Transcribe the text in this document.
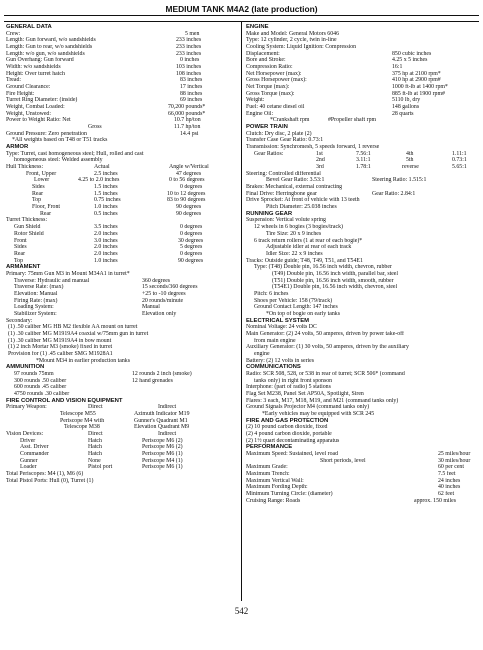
MEDIUM TANK M4A2 (late production)
GENERAL DATA
Crew:	5 men
Length: Gun forward, w/o sandshields	233 inches
Length: Gun to rear, w/o sandshields	233 inches
Length: w/o gun, w/o sandshields	233 inches
Gun Overhang: Gun forward	0 inches
Width: w/o sandshields	103 inches
Height: Over turret hatch	108 inches
Tread:	83 inches
Ground Clearance:	17 inches
Fire Height:	88 inches
Turret Ring Diameter: (inside)	69 inches
Weight, Combat Loaded:	70,200 pounds*
Weight, Unstowed:	66,000 pounds*
Power to Weight Ratio: Net	10.7 hp/ton
Gross	11.7 hp/ton
Ground Pressure: Zero penetration	14.4 psi
*All weights based on T48 or T51 tracks
ARMOR
Type: Turret, cast homogeneous steel; Hull, rolled and cast
homogeneous steel: Welded assembly
Hull Thickness:	Actual	Angle w/Vertical
Front, Upper	2.5 inches	47 degrees
Lower	4.25 to 2.0 inches	0 to 56 degrees
Sides	1.5 inches	0 degrees
Rear	1.5 inches	10 to 12 degrees
Top	0.75 inches	83 to 90 degrees
Floor, Front	1.0 inches	90 degrees
Rear	0.5 inches	90 degrees
Turret Thickness:
Gun Shield	3.5 inches	0 degrees
Rotor Shield	2.0 inches	0 degrees
Front	3.0 inches	30 degrees
Sides	2.0 inches	5 degrees
Rear	2.0 inches	0 degrees
Top	1.0 inches	90 degrees
ARMAMENT
Primary: 75mm Gun M3 in Mount M34A1 in turret*
Traverse: Hydraulic and manual	360 degrees
Traverse Rate: (max)	15 seconds/360 degrees
Elevation: Manual	+25 to -10 degrees
Firing Rate: (max)	20 rounds/minute
Loading System:	Manual
Stabilizer System:	Elevation only
Secondary:
(1) .50 caliber MG HB M2 flexible AA mount on turret
(1) .30 caliber MG M1919A4 coaxial w/75mm gun in turret
(1) .30 caliber MG M1919A4 in bow mount
(1) 2 inch Mortar M3 (smoke) fixed in turret
Provision for (1) .45 caliber SMG M1928A1
*Mount M34 in earlier production tanks
AMMUNITION
97 rounds 75mm	12 rounds 2 inch (smoke)
300 rounds .50 caliber	12 hand grenades
600 rounds .45 caliber
4750 rounds .30 caliber
FIRE CONTROL AND VISION EQUIPMENT
Primary Weapon:	Direct	Indirect
Telescope M55	Azimuth Indicator M19
Periscope M4 with	Gunner's Quadrant M1
Telescope M38	Elevation Quadrant M9
Vision Devices:	Direct	Indirect
Driver	Hatch	Periscope M6 (2)
Asst. Driver	Hatch	Periscope M6 (2)
Commander	Hatch	Periscope M6 (1)
Gunner	None	Periscope M4 (1)
Loader	Pistol port	Periscope M6 (1)
Total Periscopes: M4 (1), M6 (6)
Total Pistol Ports: Hull (0), Turret (1)
ENGINE
Make and Model: General Motors 6046
Type: 12 cylinder, 2 cycle, twin in-line
Cooling System: Liquid Ignition: Compression
Displacement:	850 cubic inches
Bore and Stroke:	4.25 x 5 inches
Compression Ratio:	16:1
Net Horsepower (max):	375 hp at 2100 rpm*
Gross Horsepower (max):	410 hp at 2900 rpm#
Net Torque (max):	1000 ft-lb at 1400 rpm*
Gross Torque (max):	885 ft-lb at 1900 rpm#
Weight:	5110 lb, dry
Fuel: 40 cetane diesel oil	148 gallons
Engine Oil:	28 quarts
*Crankshaft rpm	#Propeller shaft rpm
POWER TRAIN
Clutch: Dry disc, 2 plate (2)
Transfer Case Gear Ratio: 0.73:1
Transmission: Synchromesh, 5 speeds forward, 1 reverse
Gear Ratios:	1st	7.56:1	4th	1.11:1
2nd	3.11:1	5th	0.73:1
3rd	1.78:1	reverse	5.65:1
Steering: Controlled differential
Bevel Gear Ratio: 3.53:1	Steering Ratio: 1.515:1
Brakes: Mechanical, external contracting
Final Drive: Herringbone gear	Gear Ratio: 2.84:1
Drive Sprocket: At front of vehicle with 13 teeth
Pitch Diameter: 25.038 inches
RUNNING GEAR
Suspension: Vertical volute spring
12 wheels in 6 bogies (3 bogies/track)
Tire Size: 20 x 9 inches
6 track return rollers (1 at rear of each bogie)*
Adjustable idler at rear of each track
Idler Size: 22 x 9 inches
Tracks: Outside guide; T48, T49, T51, and T54E1
Type: (T48) Double pin, 16.56 inch width, chevron, rubber
(T49) Double pin, 16.56 inch width, parallel bar, steel
(T51) Double pin, 16.56 inch width, smooth, rubber
(T54E1) Double pin, 16.56 inch width, chevron, steel
Pitch: 6 inches
Shoes per Vehicle: 158 (79/track)
Ground Contact Length: 147 inches
*On top of bogie on early tanks
ELECTRICAL SYSTEM
Nominal Voltage: 24 volts DC
Main Generator: (2) 24 volts, 50 amperes, driven by power take-off
from main engine
Auxiliary Generator: (1) 30 volts, 50 amperes, driven by the auxiliary
engine
Battery: (2) 12 volts in series
COMMUNICATIONS
Radio: SCR 508, 528, or 538 in rear of turret; SCR 506* (command
tanks only) in right front sponson
Interphone: (part of radio) 5 stations
Flag Set M238, Panel Set AP50A, Spotlight, Siren
Flares: 3 each, M17, M18, M19, and M21 (command tanks only)
Ground Signals Projector M4 (command tanks only)
*Early vehicles may be equipped with SCR 245
FIRE AND GAS PROTECTION
(2) 10 pound carbon dioxide, fixed
(2) 4 pound carbon dioxide, portable
(2) 1½ quart decontaminating apparatus
PERFORMANCE
Maximum Speed: Sustained, level road	25 miles/hour
Short periods, level	30 miles/hour
Maximum Grade:	60 per cent
Maximum Trench:	7.5 feet
Maximum Vertical Wall:	24 inches
Maximum Fording Depth:	40 inches
Minimum Turning Circle: (diameter)	62 feet
Cruising Range: Roads	approx. 150 miles
542
